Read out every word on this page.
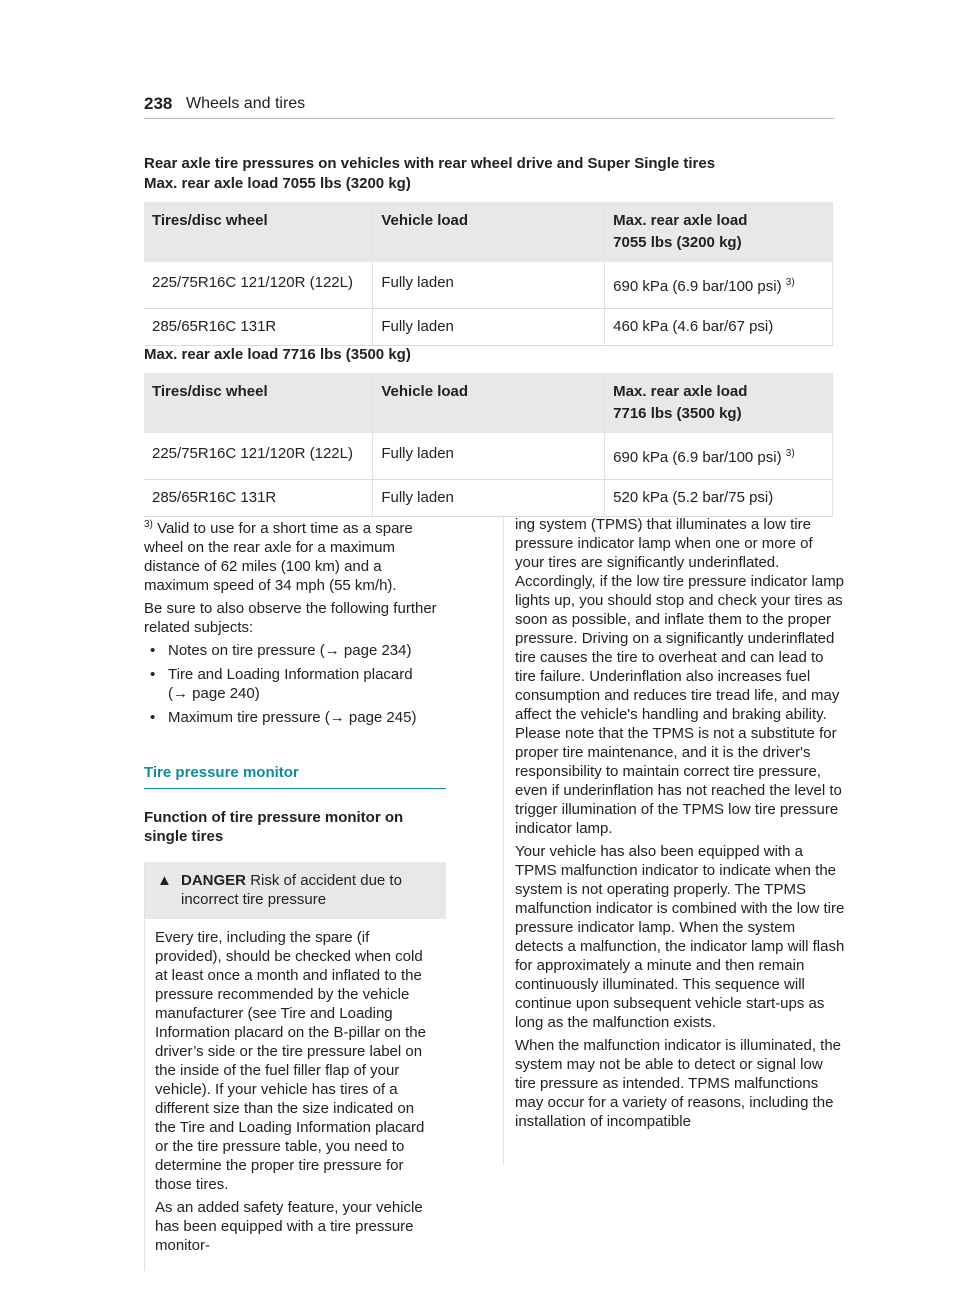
238 Wheels and tires
Rear axle tire pressures on vehicles with rear wheel drive and Super Single tires
Max. rear axle load 7055 lbs (3200 kg)
Tires/disc wheel	Vehicle load	Max. rear axle load
7055 lbs (3200 kg)

225/75R16C 121/120R (122L)	Fully laden	690 kPa (6.9 bar/100 psi) $^{3)}$
285/65R16C 131R	Fully laden	460 kPa (4.6 bar/67 psi)
Max. rear axle load 7716 lbs (3500 kg)
Tires/disc wheel	Vehicle load	Max. rear axle load
7716 lbs (3500 kg)

225/75R16C 121/120R (122L)	Fully laden	690 kPa (6.9 bar/100 psi) $^{3)}$
285/65R16C 131R	Fully laden	520 kPa (5.2 bar/75 psi)

$^{3)}$ Valid to use for a short time as a spare wheel on the rear axle for a maximum distance of 62 miles (100 km) and a maximum speed of 34 mph (55 km/h).

Be sure to also observe the following further related subjects:

• Notes on tire pressure (→ page 234)
• Tire and Loading Information placard
(→ page 240)
• Maximum tire pressure (→ page 245)
Tire pressure monitor
Function of tire pressure monitor on single tires
▲ DANGER Risk of accident due to incorrect tire pressure

Every tire, including the spare (if provided), should be checked when cold at least once a month and inflated to the pressure recommended by the vehicle manufacturer (see Tire and Loading Information placard on the B-pillar on the driver’s side or the tire pressure label on the inside of the fuel filler flap of your vehicle). If your vehicle has tires of a different size than the size indicated on the Tire and Loading Information placard or the tire pressure table, you need to determine the proper tire pressure for those tires.

As an added safety feature, your vehicle has been equipped with a tire pressure monitor-

ing system (TPMS) that illuminates a low tire pressure indicator lamp when one or more of your tires are significantly underinflated. Accordingly, if the low tire pressure indicator lamp lights up, you should stop and check your tires as soon as possible, and inflate them to the proper pressure. Driving on a significantly underinflated tire causes the tire to overheat and can lead to tire failure. Underinflation also increases fuel consumption and reduces tire tread life, and may affect the vehicle's handling and braking ability. Please note that the TPMS is not a substitute for proper tire maintenance, and it is the driver's responsibility to maintain correct tire pressure, even if underinflation has not reached the level to trigger illumination of the TPMS low tire pressure indicator lamp.

Your vehicle has also been equipped with a TPMS malfunction indicator to indicate when the system is not operating properly. The TPMS malfunction indicator is combined with the low tire pressure indicator lamp. When the system detects a malfunction, the indicator lamp will flash for approximately a minute and then remain continuously illuminated. This sequence will continue upon subsequent vehicle start-ups as long as the malfunction exists.

When the malfunction indicator is illuminated, the system may not be able to detect or signal low tire pressure as intended. TPMS malfunctions may occur for a variety of reasons, including the installation of incompatible
